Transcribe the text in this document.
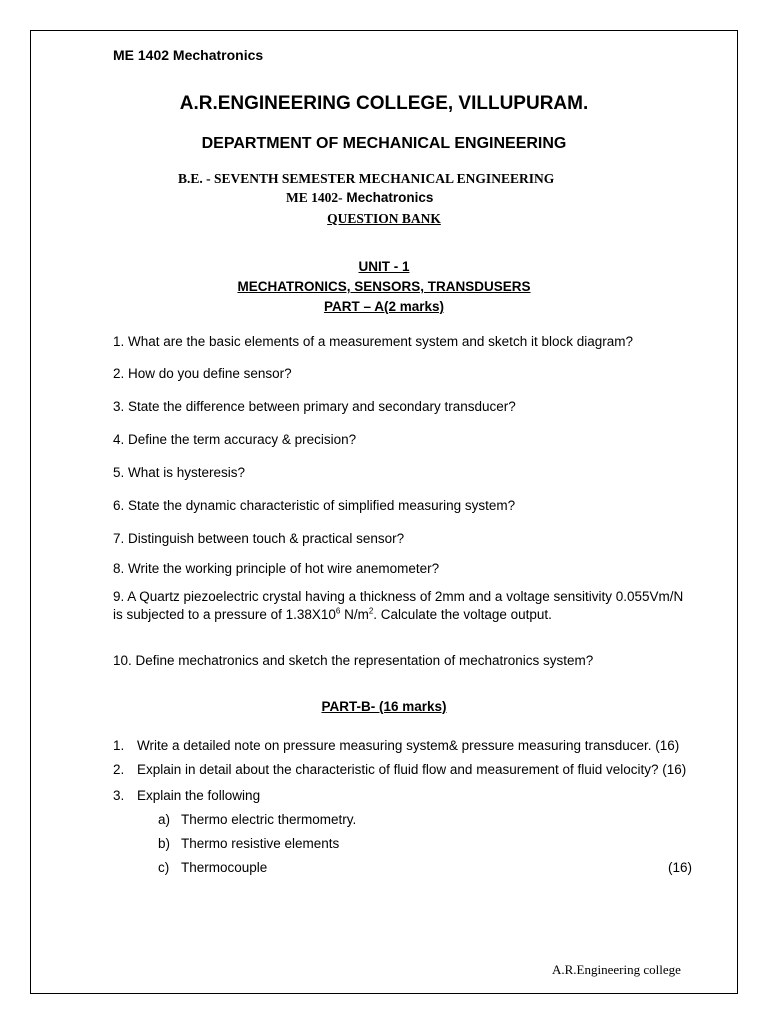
ME 1402 Mechatronics
A.R.ENGINEERING COLLEGE, VILLUPURAM.
DEPARTMENT OF MECHANICAL ENGINEERING
B.E. - SEVENTH SEMESTER MECHANICAL ENGINEERING
ME 1402- Mechatronics
QUESTION BANK
UNIT - 1
MECHATRONICS, SENSORS, TRANSDUSERS
PART – A(2 marks)
1. What are the basic elements of a measurement system and sketch it block diagram?
2. How do you define sensor?
3. State the difference between primary and secondary transducer?
4. Define the term accuracy & precision?
5. What is hysteresis?
6. State the dynamic characteristic of simplified measuring system?
7. Distinguish between touch & practical sensor?
8. Write the working principle of hot wire anemometer?
9. A Quartz piezoelectric crystal having a thickness of 2mm and a voltage sensitivity 0.055Vm/N
is subjected to a pressure of $1.38X10^6$ $N/m^2$. Calculate the voltage output.
10. Define mechatronics and sketch the representation of mechatronics system?
PART-B- (16 marks)
1. Write a detailed note on pressure measuring system& pressure measuring transducer. (16)
2. Explain in detail about the characteristic of fluid flow and measurement of fluid velocity? (16)
3. Explain the following
a) Thermo electric thermometry.
b) Thermo resistive elements
c) Thermocouple	(16)
A.R.Engineering college
